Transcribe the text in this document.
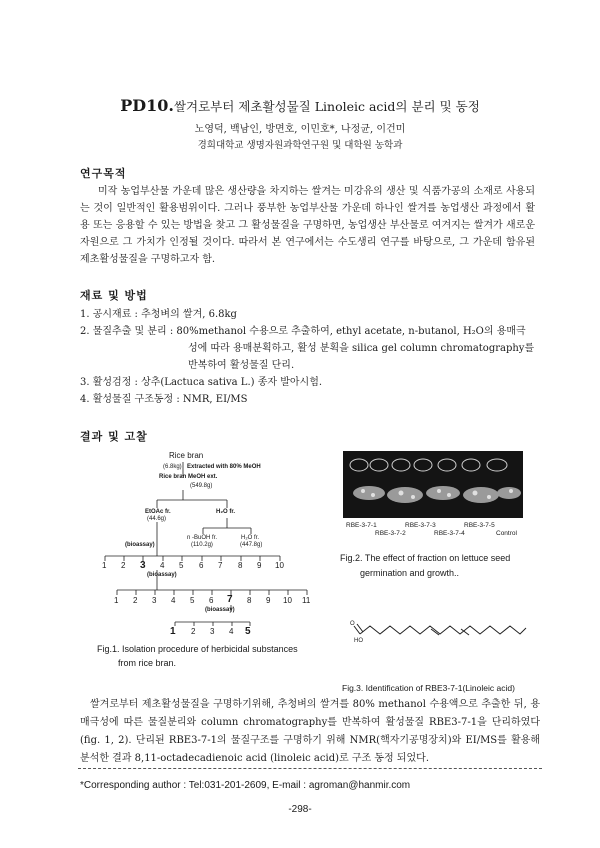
PD10.쌀겨로부터 제초활성물질 Linoleic acid의 분리 및 동정
노영덕, 백남인, 방면호, 이민호*, 나정균, 이건미
경희대학교 생명자원과학연구원 및 대학원 농학과
연구목적
미작 농업부산물 가운데 많은 생산량을 차지하는 쌀겨는 미강유의 생산 및 식품가공의 소재로 사용되는 것이 일반적인 활용범위이다. 그러나 풍부한 농업부산물 가운데 하나인 쌀겨를 농업생산 과정에서 활용 또는 응용할 수 있는 방법을 찾고 그 활성물질을 구명하면, 농업생산 부산물로 여겨지는 쌀겨가 새로운 자원으로 그 가치가 인정될 것이다. 따라서 본 연구에서는 수도생리 연구를 바탕으로, 그 가운데 함유된 제초활성물질을 구명하고자 함.
재료 및 방법
1. 공시재료 : 추청벼의 쌀겨, 6.8kg
2. 물질추출 및 분리 : 80%methanol 수용으로 추출하여, ethyl acetate, n-butanol, H₂O의 용매극
성에 따라 용매분획하고, 활성 분획을 silica gel column chromatography를
반복하여 활성물질 단리.
3. 활성검정 : 상추(Lactuca sativa L.) 종자 발아시험.
4. 활성물질 구조동정 : NMR, EI/MS
결과 및 고찰
Rice bran
(6.8kg) Extracted with 80% MeOH
Rice bran MeOH ext.
(549.8g)
EtOAc fr.
(44.6g)
H₂O fr.
n -BuOH fr.
(110.2g)
H₂O fr.
(447.8g)
(bioassay)
1 2 3 4 5 6 7 8 9 10
(bioassay)
1 2 3 4 5 6 7 8 9 10 11
(bioassay)
1 2 3 4 5
Fig.1. Isolation procedure of herbicidal substances
from rice bran.
RBE-3-7-1	RBE-3-7-3	RBE-3-7-5
RBE-3-7-2	RBE-3-7-4	Control
Fig.2. The effect of fraction on lettuce seed
germination and growth..
O
HO
Fig.3. Identification of RBE3-7-1(Linoleic acid)
쌀겨로부터 제초활성물질을 구명하기위해, 추청벼의 쌀겨를 80% methanol 수용액으로 추출한 뒤, 용매극성에 따른 물질분리와 column chromatography를 반복하여 활성물질 RBE3-7-1을 단리하였다(fig. 1, 2). 단리된 RBE3-7-1의 물질구조를 구명하기 위해 NMR(핵자기공명장치)와 EI/MS를 활용해 분석한 결과 8,11-octadecadienoic acid (linoleic acid)로 구조 동정 되었다.
*Corresponding author : Tel:031-201-2609, E-mail : agroman@hanmir.com
-298-
